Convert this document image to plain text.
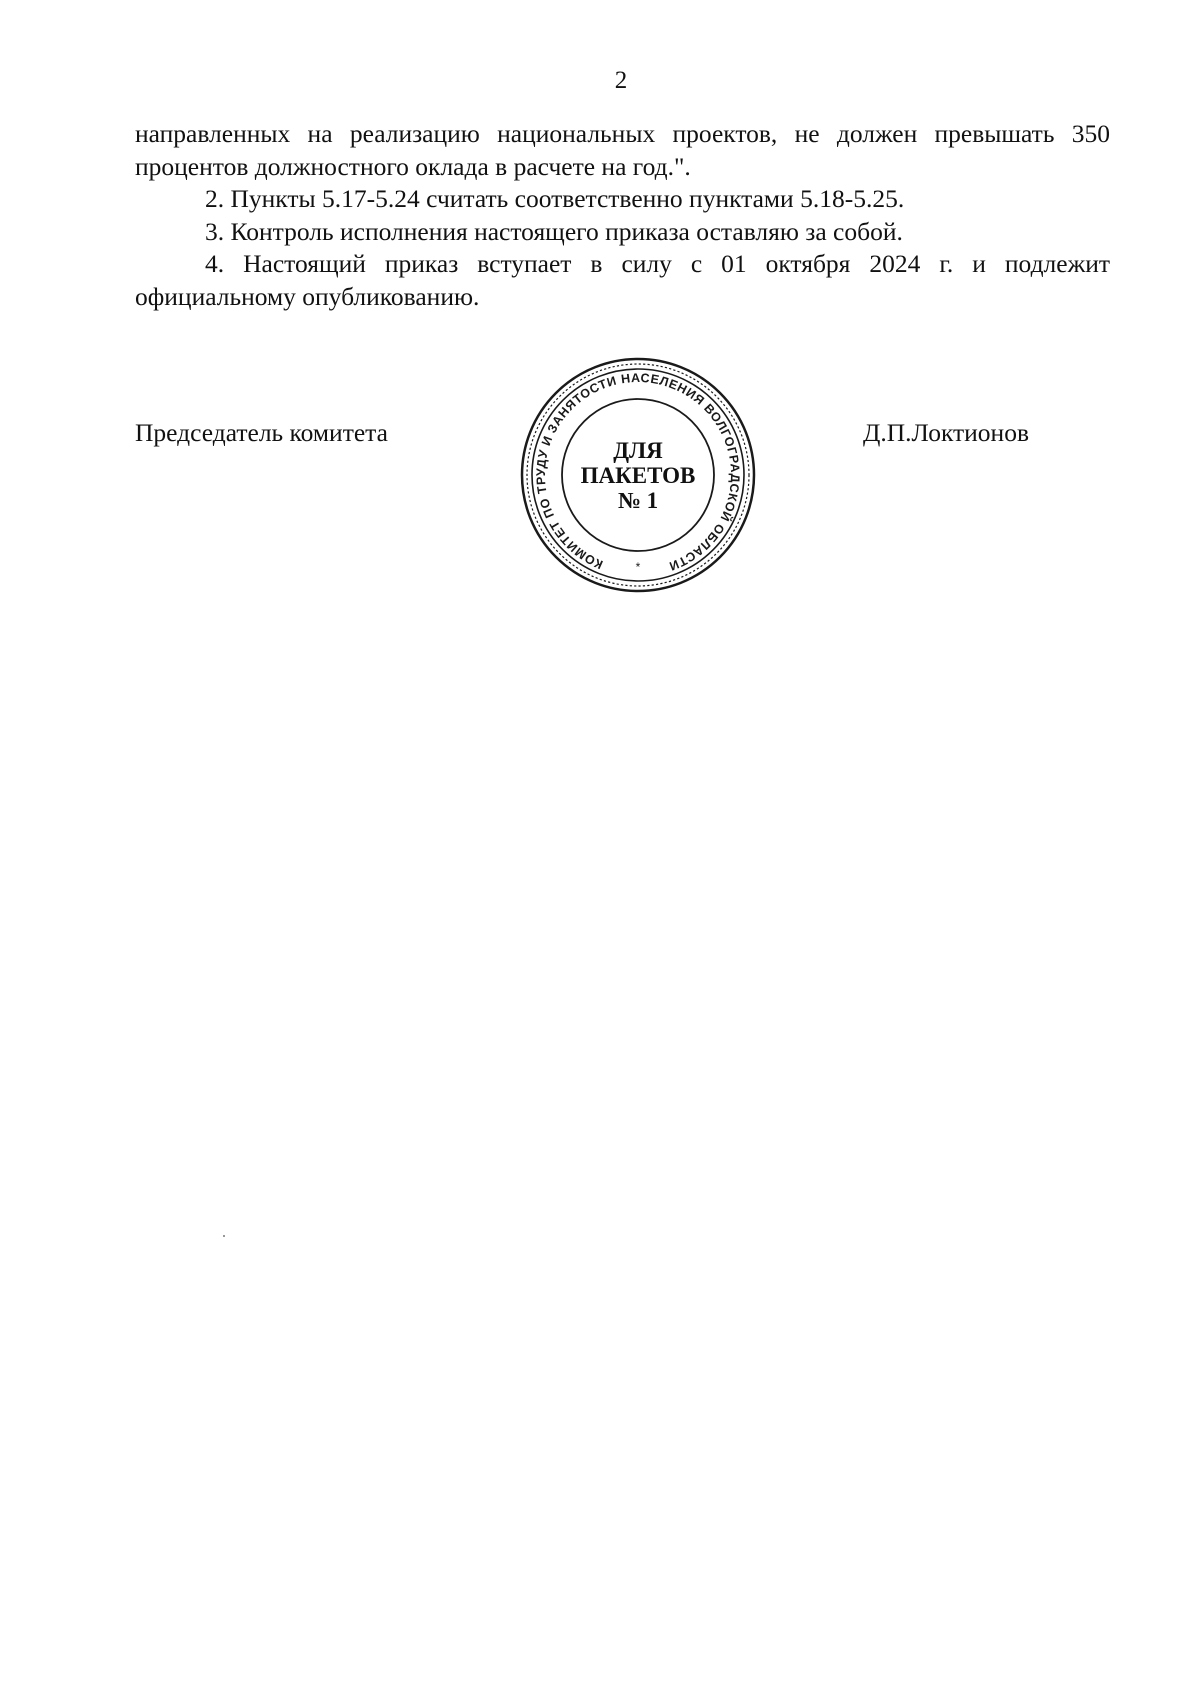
2

направленных на реализацию национальных проектов, не должен превышать 350 процентов должностного оклада в расчете на год.".

2. Пункты 5.17-5.24 считать соответственно пунктами 5.18-5.25.

3. Контроль исполнения настоящего приказа оставляю за собой.

4. Настоящий приказ вступает в силу с 01 октября 2024 г. и подлежит официальному опубликованию.

Председатель комитета
КОМИТЕТ ПО ТРУДУ И ЗАНЯТОСТИ НАСЕЛЕНИЯ ВОЛГОГРАДСКОЙ ОБЛАСТИ
*
ДЛЯ
ПАКЕТОВ
№ 1
Д.П.Локтионов
